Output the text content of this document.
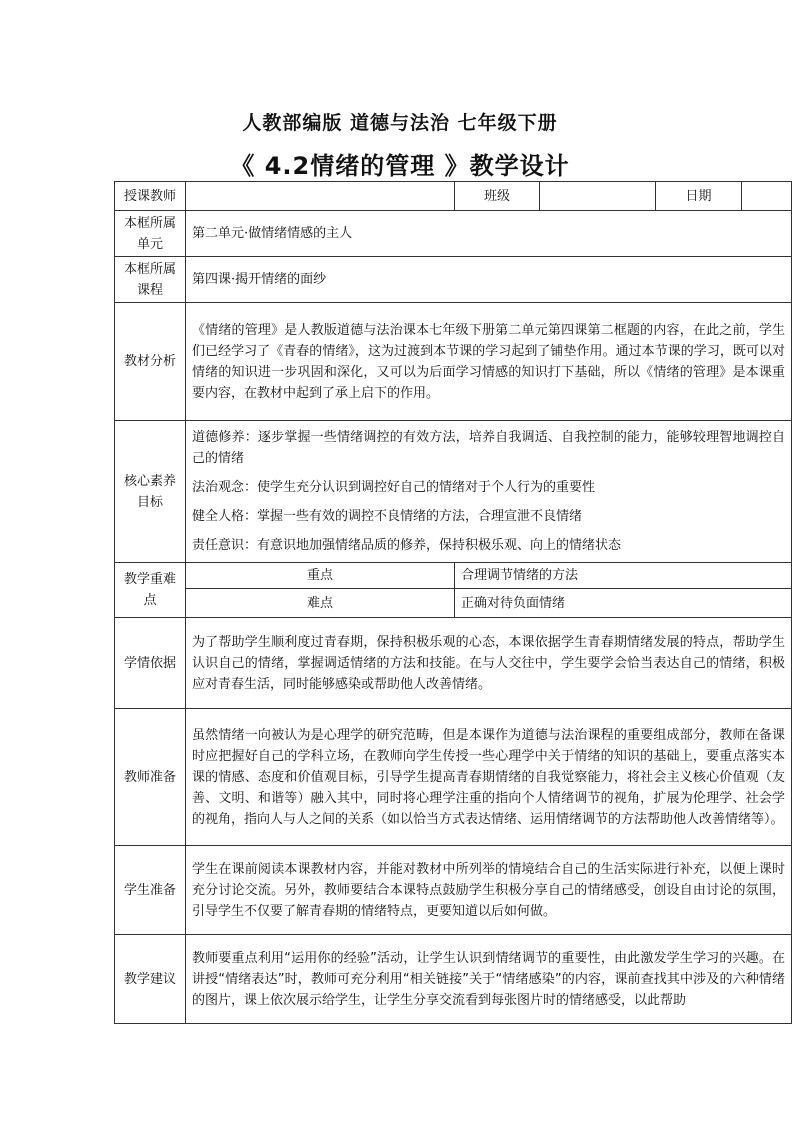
人教部编版 道德与法治 七年级下册
《 4.2情绪的管理 》教学设计
授课教师		班级		日期	
本框所属单元	第二单元·做情绪情感的主人				
本框所属课程	第四课·揭开情绪的面纱				
教材分析	《情绪的管理》是人教版道德与法治课本七年级下册第二单元第四课第二框题的内容，在此之前，学生们已经学习了《青春的情绪》，这为过渡到本节课的学习起到了铺垫作用。通过本节课的学习，既可以对情绪的知识进一步巩固和深化，又可以为后面学习情感的知识打下基础，所以《情绪的管理》是本课重要内容，在教材中起到了承上启下的作用。				
核心素养目标	道德修养：逐步掌握一些情绪调控的有效方法，培养自我调适、自我控制的能力，能够较理智地调控自己的情绪

法治观念：使学生充分认识到调控好自己的情绪对于个人行为的重要性

健全人格：掌握一些有效的调控不良情绪的方法，合理宣泄不良情绪

责任意识：有意识地加强情绪品质的修养，保持积极乐观、向上的情绪状态				

教学重难点	重点	合理调节情绪的方法			
	难点	正确对待负面情绪			
学情依据	为了帮助学生顺利度过青春期，保持积极乐观的心态，本课依据学生青春期情绪发展的特点，帮助学生认识自己的情绪，掌握调适情绪的方法和技能。在与人交往中，学生要学会恰当表达自己的情绪，积极应对青春生活，同时能够感染或帮助他人改善情绪。				
教师准备	虽然情绪一向被认为是心理学的研究范畴，但是本课作为道德与法治课程的重要组成部分，教师在备课时应把握好自己的学科立场，在教师向学生传授一些心理学中关于情绪的知识的基础上，要重点落实本课的情感、态度和价值观目标，引导学生提高青春期情绪的自我觉察能力，将社会主义核心价值观（友善、文明、和谐等）融入其中，同时将心理学注重的指向个人情绪调节的视角，扩展为伦理学、社会学的视角，指向人与人之间的关系（如以恰当方式表达情绪、运用情绪调节的方法帮助他人改善情绪等）。				
学生准备	学生在课前阅读本课教材内容，并能对教材中所列举的情境结合自己的生活实际进行补充，以便上课时充分讨论交流。另外，教师要结合本课特点鼓励学生积极分享自己的情绪感受，创设自由讨论的氛围，引导学生不仅要了解青春期的情绪特点，更要知道以后如何做。				
教学建议	教师要重点利用“运用你的经验”活动，让学生认识到情绪调节的重要性，由此激发学生学习的兴趣。在讲授“情绪表达”时，教师可充分利用“相关链接”关于“情绪感染”的内容，课前查找其中涉及的六种情绪的图片，课上依次展示给学生，让学生分享交流看到每张图片时的情绪感受，以此帮助				
